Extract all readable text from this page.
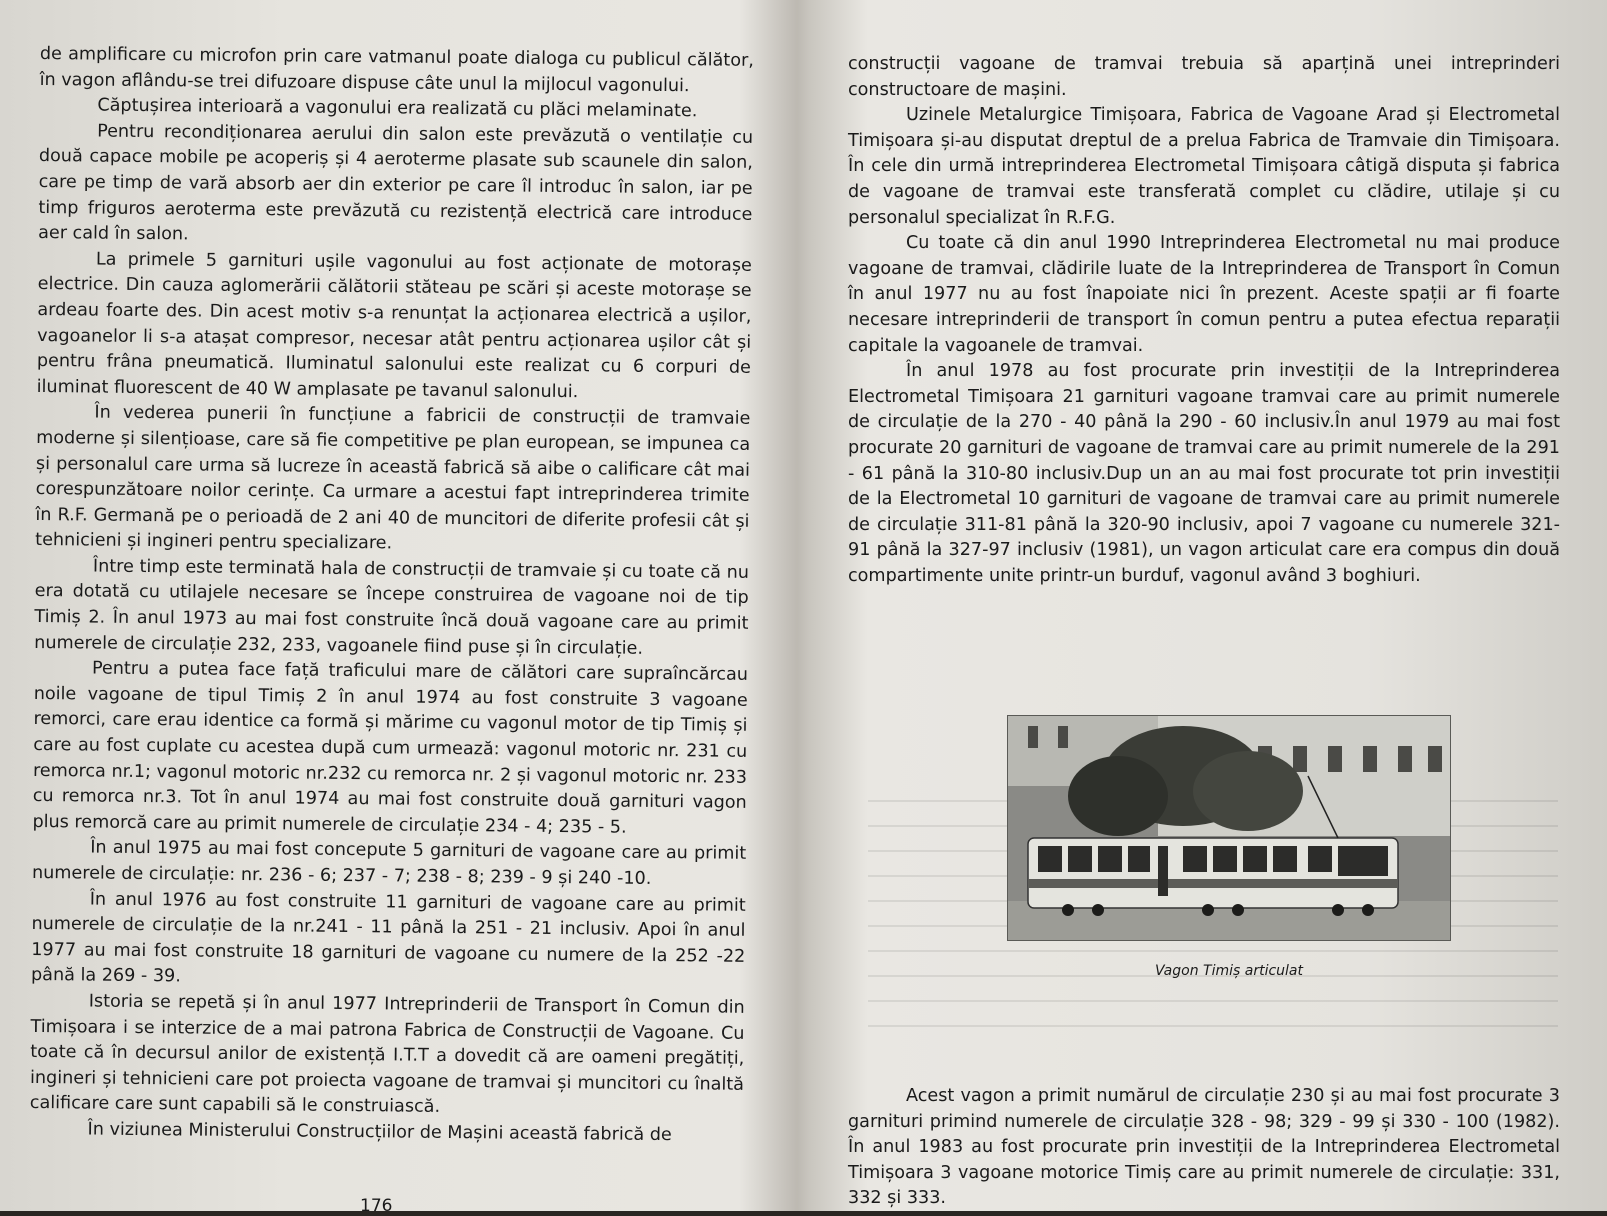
de amplificare cu microfon prin care vatmanul poate dialoga cu publicul călător, în vagon aflându-se trei difuzoare dispuse câte unul la mijlocul vagonului.

Căptușirea interioară a vagonului era realizată cu plăci melaminate.

Pentru recondiționarea aerului din salon este prevăzută o ventilație cu două capace mobile pe acoperiș și 4 aeroterme plasate sub scaunele din salon, care pe timp de vară absorb aer din exterior pe care îl introduc în salon, iar pe timp friguros aeroterma este prevăzută cu rezistență electrică care introduce aer cald în salon.

La primele 5 garnituri ușile vagonului au fost acționate de motorașe electrice. Din cauza aglomerării călătorii stăteau pe scări și aceste motorașe se ardeau foarte des. Din acest motiv s-a renunțat la acționarea electrică a ușilor, vagoanelor li s-a atașat compresor, necesar atât pentru acționarea ușilor cât și pentru frâna pneumatică. Iluminatul salonului este realizat cu 6 corpuri de iluminat fluorescent de 40 W amplasate pe tavanul salonului.

În vederea punerii în funcțiune a fabricii de construcții de tramvaie moderne și silențioase, care să fie competitive pe plan european, se impunea ca și personalul care urma să lucreze în această fabrică să aibe o calificare cât mai corespunzătoare noilor cerințe. Ca urmare a acestui fapt intreprinderea trimite în R.F. Germană pe o perioadă de 2 ani 40 de muncitori de diferite profesii cât și tehnicieni și ingineri pentru specializare.

Între timp este terminată hala de construcții de tramvaie și cu toate că nu era dotată cu utilajele necesare se începe construirea de vagoane noi de tip Timiș 2. În anul 1973 au mai fost construite încă două vagoane care au primit numerele de circulație 232, 233, vagoanele fiind puse și în circulație.

Pentru a putea face față traficului mare de călători care supraîncărcau noile vagoane de tipul Timiș 2 în anul 1974 au fost construite 3 vagoane remorci, care erau identice ca formă și mărime cu vagonul motor de tip Timiș și care au fost cuplate cu acestea după cum urmează: vagonul motoric nr. 231 cu remorca nr.1; vagonul motoric nr.232 cu remorca nr. 2 și vagonul motoric nr. 233 cu remorca nr.3. Tot în anul 1974 au mai fost construite două garnituri vagon plus remorcă care au primit numerele de circulație 234 - 4; 235 - 5.

În anul 1975 au mai fost concepute 5 garnituri de vagoane care au primit numerele de circulație: nr. 236 - 6; 237 - 7; 238 - 8; 239 - 9 și 240 -10.

În anul 1976 au fost construite 11 garnituri de vagoane care au primit numerele de circulație de la nr.241 - 11 până la 251 - 21 inclusiv. Apoi în anul 1977 au mai fost construite 18 garnituri de vagoane cu numere de la 252 -22 până la 269 - 39.

Istoria se repetă și în anul 1977 Intreprinderii de Transport în Comun din Timișoara i se interzice de a mai patrona Fabrica de Construcții de Vagoane. Cu toate că în decursul anilor de existență I.T.T a dovedit că are oameni pregătiți, ingineri și tehnicieni care pot proiecta vagoane de tramvai și muncitori cu înaltă calificare care sunt capabili să le construiască.

În viziunea Ministerului Construcțiilor de Mașini această fabrică de

176

construcții vagoane de tramvai trebuia să aparțină unei intreprinderi constructoare de mașini.

Uzinele Metalurgice Timișoara, Fabrica de Vagoane Arad și Electrometal Timișoara și-au disputat dreptul de a prelua Fabrica de Tramvaie din Timișoara. În cele din urmă intreprinderea Electrometal Timișoara câtigă disputa și fabrica de vagoane de tramvai este transferată complet cu clădire, utilaje și cu personalul specializat în R.F.G.

Cu toate că din anul 1990 Intreprinderea Electrometal nu mai produce vagoane de tramvai, clădirile luate de la Intreprinderea de Transport în Comun în anul 1977 nu au fost înapoiate nici în prezent. Aceste spații ar fi foarte necesare intreprinderii de transport în comun pentru a putea efectua reparații capitale la vagoanele de tramvai.

În anul 1978 au fost procurate prin investiții de la Intreprinderea Electrometal Timișoara 21 garnituri vagoane tramvai care au primit numerele de circulație de la 270 - 40 până la 290 - 60 inclusiv.În anul 1979 au mai fost procurate 20 garnituri de vagoane de tramvai care au primit numerele de la 291 - 61 până la 310-80 inclusiv.Dup un an au mai fost procurate tot prin investiții de la Electrometal 10 garnituri de vagoane de tramvai care au primit numerele de circulație 311-81 până la 320-90 inclusiv, apoi 7 vagoane cu numerele 321-91 până la 327-97 inclusiv (1981), un vagon articulat care era compus din două compartimente unite printr-un burduf, vagonul având 3 boghiuri.

Vagon Timiș articulat

Acest vagon a primit numărul de circulație 230 și au mai fost procurate 3 garnituri primind numerele de circulație 328 - 98; 329 - 99 și 330 - 100 (1982). În anul 1983 au fost procurate prin investiții de la Intreprinderea Electrometal Timișoara 3 vagoane motorice Timiș care au primit numerele de circulație: 331, 332 și 333.
